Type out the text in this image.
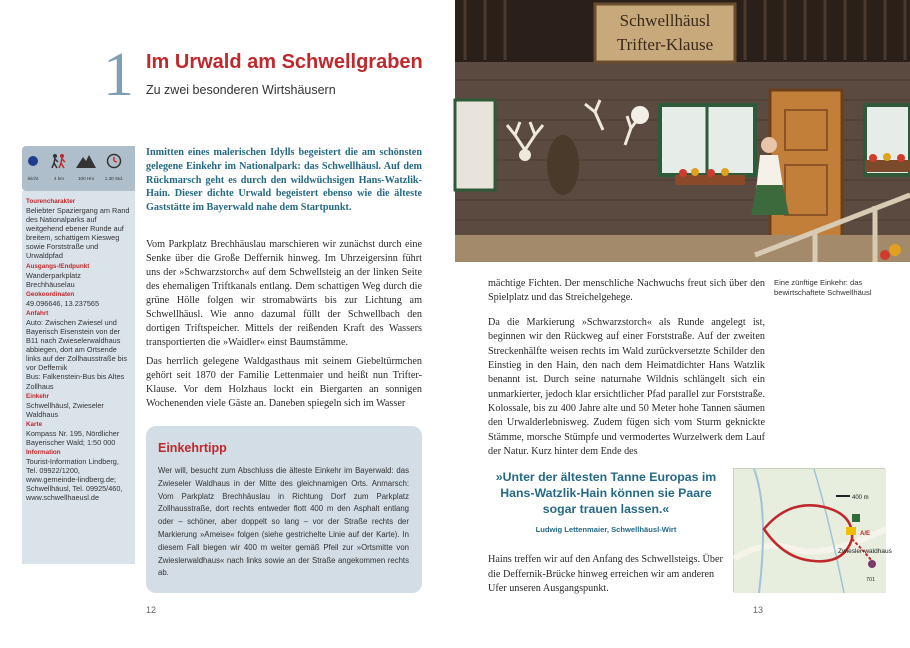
1 Im Urwald am Schwellgraben
Zu zwei besonderen Wirtshäusern
leicht	4 km	100 Hm	1.30 Std.
Tourencharakter
Beliebter Spaziergang am Rand des Nationalparks auf weitgehend ebener Runde auf breitem, schattigem Kiesweg sowie Forststraße und Urwaldpfad
Ausgangs-/Endpunkt
Wanderparkplatz Brechhäuselau
Geokoordinaten
49.096646, 13.237565
Anfahrt
Auto: Zwischen Zwiesel und Bayerisch Eisenstein von der B11 nach Zwieselerwaldhaus abbiegen, dort am Ortsende links auf der Zollhausstraße bis vor Deffernik
Bus: Falkenstein-Bus bis Altes Zollhaus
Einkehr
Schwellhäusl, Zwieseler Waldhaus
Karte
Kompass Nr. 195, Nördlicher Bayerischer Wald; 1:50 000
Information
Tourist-Information Lindberg, Tel. 09922/1200, www.gemeinde-lindberg.de; Schwellhäusl, Tel. 09925/460, www.schwellhaeusl.de

Inmitten eines malerischen Idylls begeistert die am schönsten gelegene Einkehr im Nationalpark: das Schwellhäusl. Auf dem Rückmarsch geht es durch den wildwüchsigen Hans-Watzlik-Hain. Dieser dichte Urwald begeistert ebenso wie die älteste Gaststätte im Bayerwald nahe dem Startpunkt.

Vom Parkplatz Brechhäuslau marschieren wir zunächst durch eine Senke über die Große Deffernik hinweg. Im Uhrzeigersinn führt uns der »Schwarzstorch« auf dem Schwellsteig an der linken Seite des ehemaligen Triftkanals entlang. Dem schattigen Weg durch die grüne Hölle folgen wir stromabwärts bis zur Lichtung am Schwellhäusl. Wie anno dazumal füllt der Schwellbach den dortigen Triftspeicher. Mittels der reißenden Kraft des Wassers transportierten die »Waidler« einst Baumstämme.

Das herrlich gelegene Waldgasthaus mit seinem Giebeltürmchen gehört seit 1870 der Familie Lettenmaier und heißt nun Trifter-Klause. Vor dem Holzhaus lockt ein Biergarten an sonnigen Wochenenden viele Gäste an. Daneben spiegeln sich im Wasser

Einkehrtipp

Wer will, besucht zum Abschluss die älteste Einkehr im Bayerwald: das Zwieseler Waldhaus in der Mitte des gleichnamigen Orts. Anmarsch: Vom Parkplatz Brechhäuslau in Richtung Dorf zum Parkplatz Zollhausstraße, dort rechts entweder flott 400 m den Asphalt entlang oder – schöner, aber doppelt so lang – vor der Straße rechts der Markierung »Ameise« folgen (siehe gestrichelte Linie auf der Karte). In diesem Fall biegen wir 400 m weiter gemäß Pfeil zur »Ortsmitte von Zwieslerwaldhaus« nach links sowie an der Straße angekommen rechts ab.

12
Schwellhäusl
Trifter-Klause
Eine zünftige Einkehr: das bewirtschaftete Schwellhäusl

mächtige Fichten. Der menschliche Nachwuchs freut sich über den Spielplatz und das Streichelgehege.

Da die Markierung »Schwarzstorch« als Runde angelegt ist, beginnen wir den Rückweg auf einer Forststraße. Auf der zweiten Streckenhälfte weisen rechts im Wald zurückversetzte Schilder den Einstieg in den Hain, den nach dem Heimatdichter Hans Watzlik benannt ist. Durch seine naturnahe Wildnis schlängelt sich ein unmarkierter, jedoch klar ersichtlicher Pfad parallel zur Forststraße. Kolossale, bis zu 400 Jahre alte und 50 Meter hohe Tannen säumen den Urwalderlebnisweg. Zudem fügen sich vom Sturm geknickte Stämme, morsche Stümpfe und vermodertes Wurzelwerk dem Lauf der Natur. Kurz hinter dem Ende des

»Unter der ältesten Tanne Europas im Hans-Watzlik-Hain können sie Paare sogar trauen lassen.«
Ludwig Lettenmaier, Schwellhäusl-Wirt	A/E
Zwiesler-waldhaus
400 m
701

Hains treffen wir auf den Anfang des Schwellsteigs. Über die Deffernik-Brücke hinweg erreichen wir am anderen Ufer unseren Ausgangspunkt.

13
